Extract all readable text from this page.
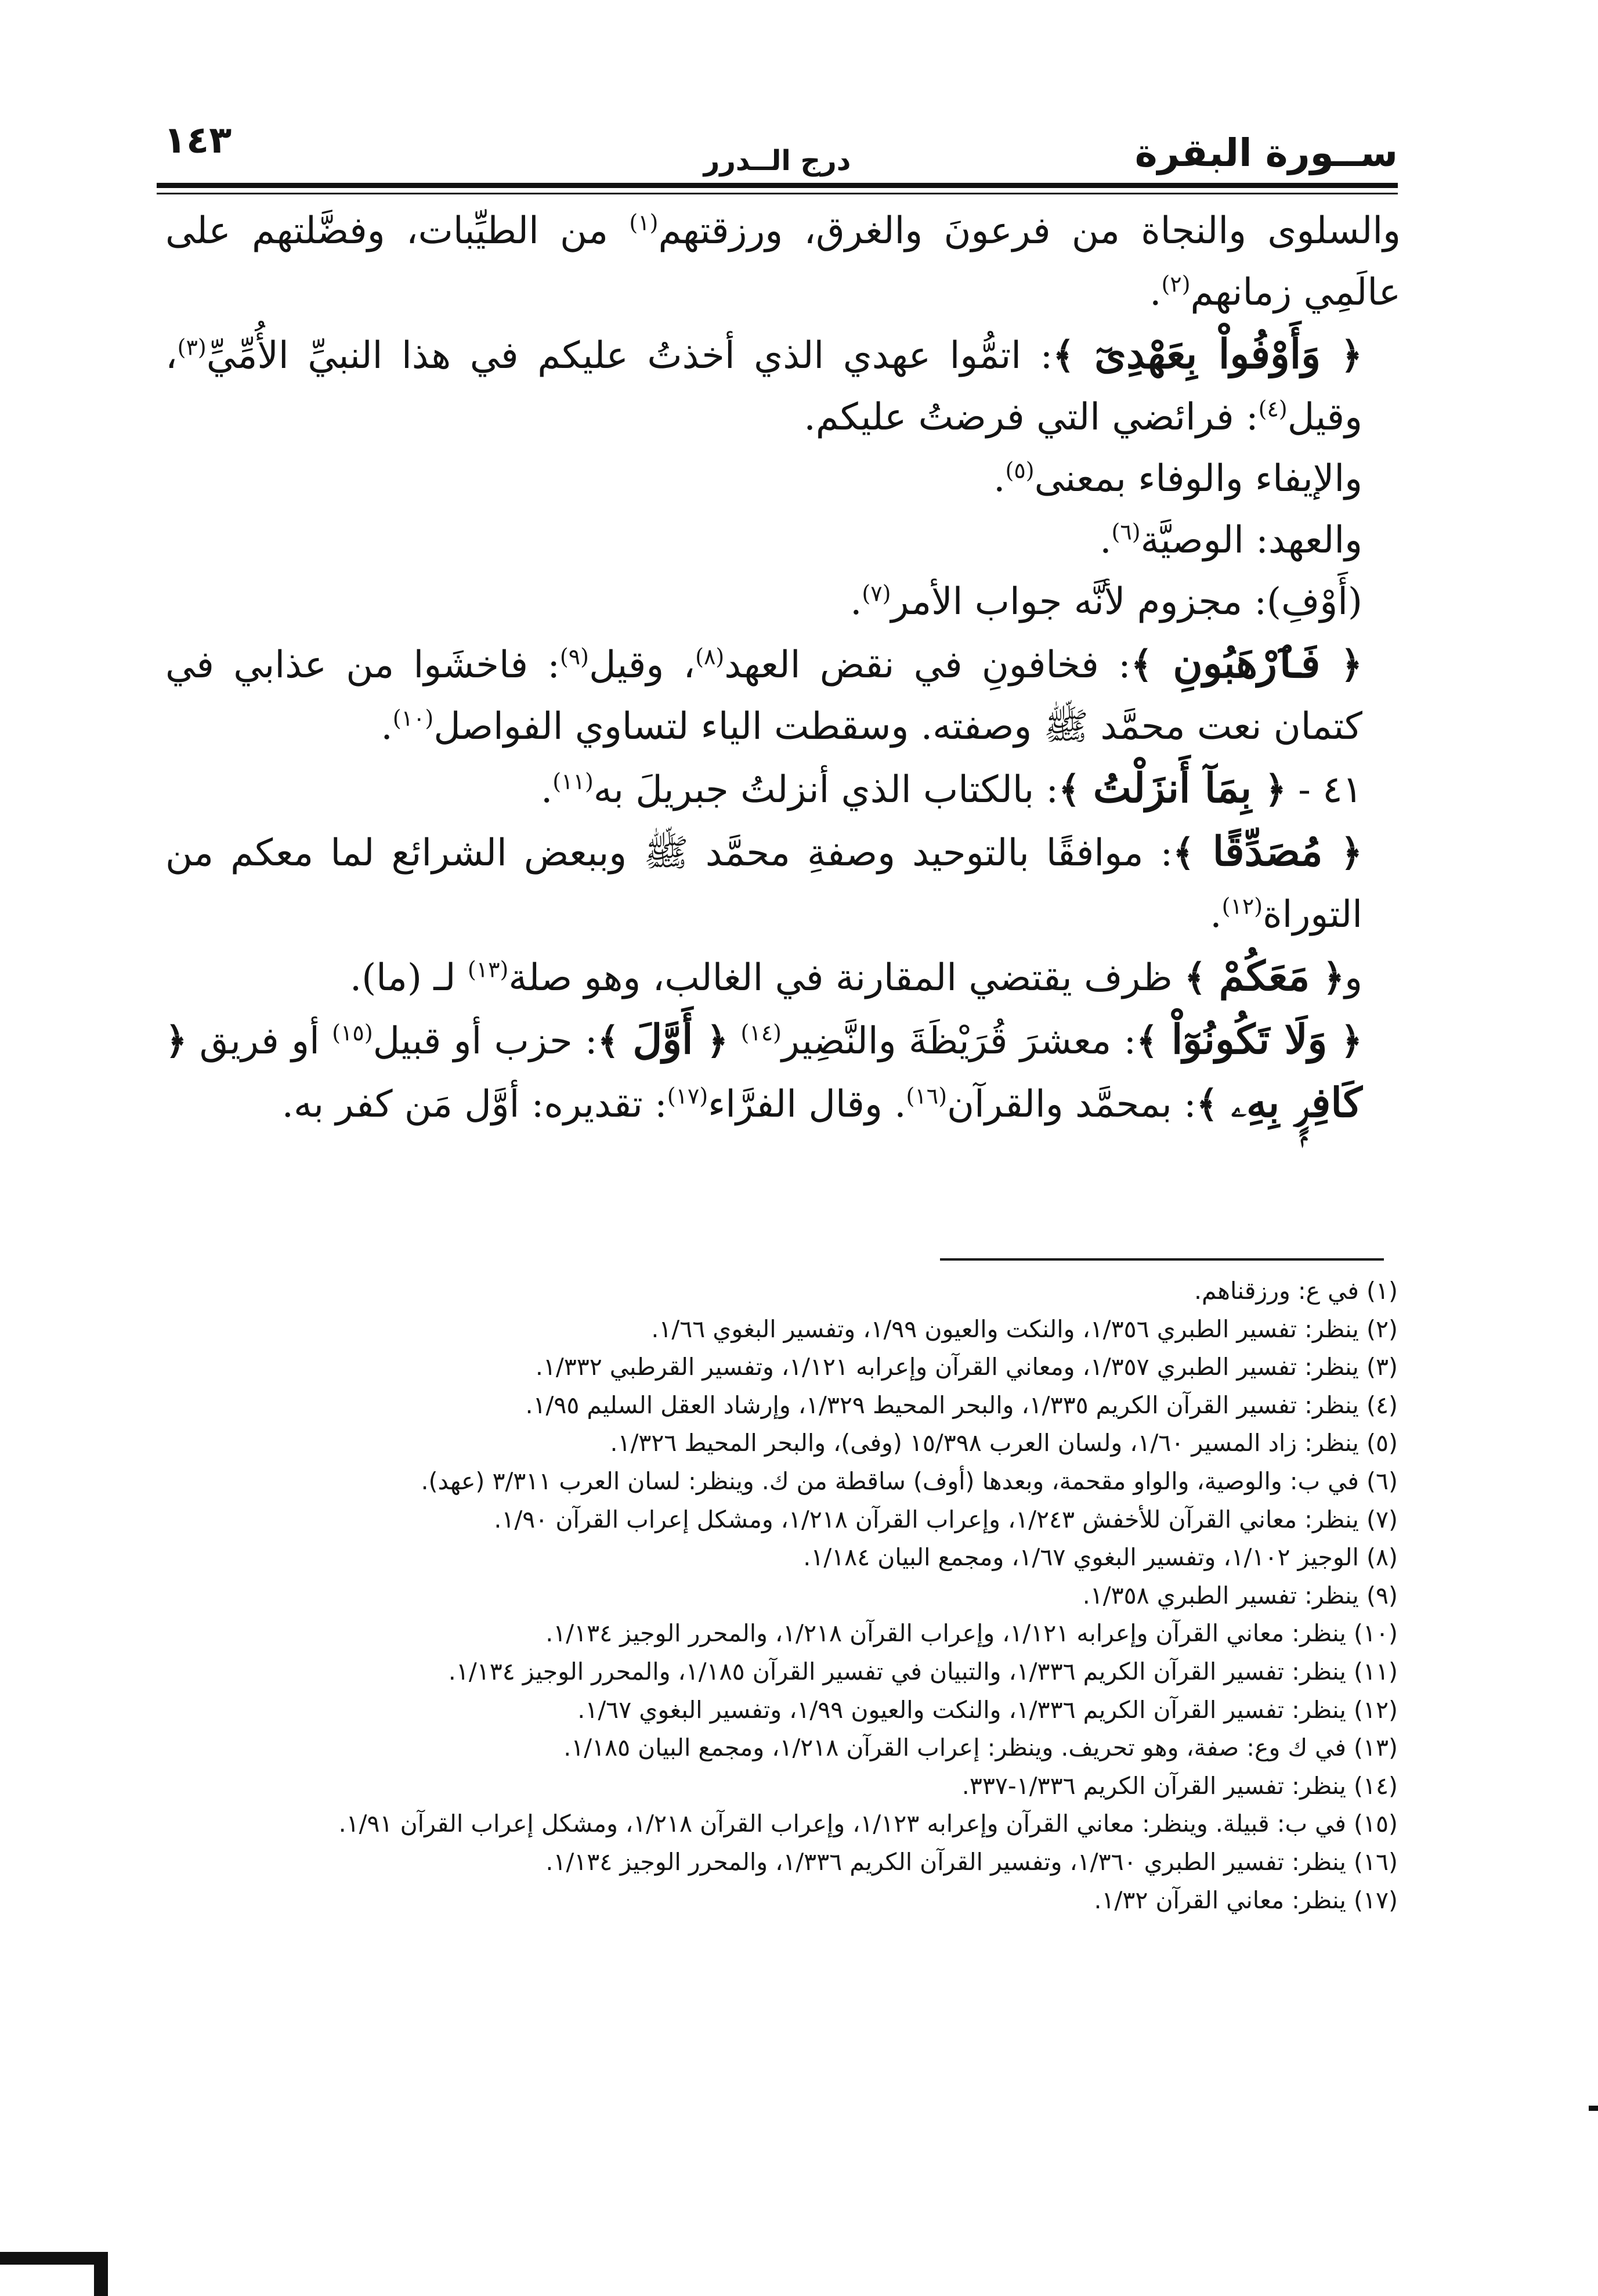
١٤٣	درج الــدرر	ســورة البقرة

والسلوى والنجاة من فرعونَ والغرق، ورزقتهم$^{(١)}$ من الطيِّبات، وفضَّلتهم على عالَمِي زمانهم$^{(٢)}$.

﴿ وَأَوْفُواْ بِعَهْدِىٓ ﴾: اتمُّوا عهدي الذي أخذتُ عليكم في هذا النبيِّ الأُمِّيِّ$^{(٣)}$، وقيل$^{(٤)}$: فرائضي التي فرضتُ عليكم.

والإيفاء والوفاء بمعنى$^{(٥)}$.

والعهد: الوصيَّة$^{(٦)}$.

(أَوْفِ): مجزوم لأنَّه جواب الأمر$^{(٧)}$.

﴿ فَٱرْهَبُونِ ﴾: فخافونِ في نقض العهد$^{(٨)}$، وقيل$^{(٩)}$: فاخشَوا من عذابي في كتمان نعت محمَّد ﷺ وصفته. وسقطت الياء لتساوي الفواصل$^{(١٠)}$.

٤١ - ﴿ بِمَآ أَنزَلْتُ ﴾: بالكتاب الذي أنزلتُ جبريلَ به$^{(١١)}$.

﴿ مُصَدِّقًا ﴾: موافقًا بالتوحيد وصفةِ محمَّد ﷺ وببعض الشرائع لما معكم من التوراة$^{(١٢)}$.

و﴿ مَعَكُمْ ﴾ ظرف يقتضي المقارنة في الغالب، وهو صلة$^{(١٣)}$ لـ (ما).

﴿ وَلَا تَكُونُوٓاْ ﴾: معشرَ قُرَيْظَةَ والنَّضِير$^{(١٤)}$ ﴿ أَوَّلَ ﴾: حزب أو قبيل$^{(١٥)}$ أو فريق ﴿ كَافِرٍۭ بِهِۦ ﴾: بمحمَّد والقرآن$^{(١٦)}$. وقال الفرَّاء$^{(١٧)}$: تقديره: أوَّل مَن كفر به.

(١) في ع: ورزقناهم.
(٢) ينظر: تفسير الطبري ١/٣٥٦، والنكت والعيون ١/٩٩، وتفسير البغوي ١/٦٦.
(٣) ينظر: تفسير الطبري ١/٣٥٧، ومعاني القرآن وإعرابه ١/١٢١، وتفسير القرطبي ١/٣٣٢.
(٤) ينظر: تفسير القرآن الكريم ١/٣٣٥، والبحر المحيط ١/٣٢٩، وإرشاد العقل السليم ١/٩٥.
(٥) ينظر: زاد المسير ١/٦٠، ولسان العرب ١٥/٣٩٨ (وفى)، والبحر المحيط ١/٣٢٦.
(٦) في ب: والوصية، والواو مقحمة، وبعدها (أوف) ساقطة من ك. وينظر: لسان العرب ٣/٣١١ (عهد).
(٧) ينظر: معاني القرآن للأخفش ١/٢٤٣، وإعراب القرآن ١/٢١٨، ومشكل إعراب القرآن ١/٩٠.
(٨) الوجيز ١/١٠٢، وتفسير البغوي ١/٦٧، ومجمع البيان ١/١٨٤.
(٩) ينظر: تفسير الطبري ١/٣٥٨.
(١٠) ينظر: معاني القرآن وإعرابه ١/١٢١، وإعراب القرآن ١/٢١٨، والمحرر الوجيز ١/١٣٤.
(١١) ينظر: تفسير القرآن الكريم ١/٣٣٦، والتبيان في تفسير القرآن ١/١٨٥، والمحرر الوجيز ١/١٣٤.
(١٢) ينظر: تفسير القرآن الكريم ١/٣٣٦، والنكت والعيون ١/٩٩، وتفسير البغوي ١/٦٧.
(١٣) في ك وع: صفة، وهو تحريف. وينظر: إعراب القرآن ١/٢١٨، ومجمع البيان ١/١٨٥.
(١٤) ينظر: تفسير القرآن الكريم ١/٣٣٦-٣٣٧.
(١٥) في ب: قبيلة. وينظر: معاني القرآن وإعرابه ١/١٢٣، وإعراب القرآن ١/٢١٨، ومشكل إعراب القرآن ١/٩١.
(١٦) ينظر: تفسير الطبري ١/٣٦٠، وتفسير القرآن الكريم ١/٣٣٦، والمحرر الوجيز ١/١٣٤.
(١٧) ينظر: معاني القرآن ١/٣٢.
